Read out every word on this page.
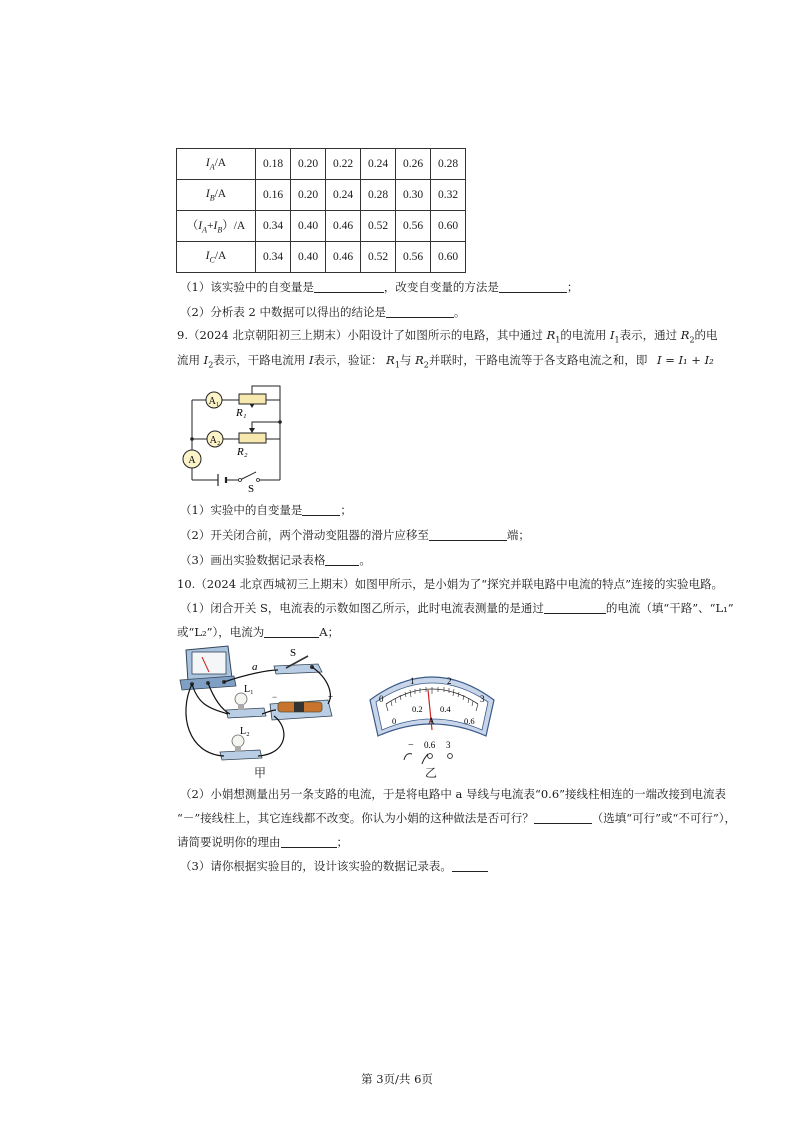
$I_A/A$	0.18	0.20	0.22	0.24	0.26	0.28
$I_B/A$	0.16	0.20	0.24	0.28	0.30	0.32
$(I_A+I_B)/A$	0.34	0.40	0.46	0.52	0.56	0.60
$I_C/A$	0.34	0.40	0.46	0.52	0.56	0.60
（1）该实验中的自变量是	，改变自变量的方法是	；
（2）分析表 2 中数据可以得出的结论是	。
9.（2024 北京朝阳初三上期末）小阳设计了如图所示的电路，其中通过 $R_1$的电流用 $I_1$表示，通过 $R_2$的电
流用 $I_2$表示，干路电流用 I表示，验证： $R_1$与 $R_2$并联时，干路电流等于各支路电流之和，即 I = I₁ + I₂
A₁
A₂
A
R₁
R₂
S
（1）实验中的自变量是	；
（2）开关闭合前，两个滑动变阻器的滑片应移至	端；
（3）画出实验数据记录表格	。
10.（2024 北京西城初三上期末）如图甲所示，是小娟为了“探究并联电路中电流的特点”连接的实验电路。
（1）闭合开关 S，电流表的示数如图乙所示，此时电流表测量的是通过	的电流（填“干路”、“L₁”
或“L₂”），电流为	A；
a
S
L₁
L₂
−	+
甲
0
1	2
3
0
0.2 0.4
0.6
A
− 0.6 3
乙
（2）小娟想测量出另一条支路的电流，于是将电路中 a 导线与电流表“0.6”接线柱相连的一端改接到电流表
“－”接线柱上，其它连线都不改变。你认为小娟的这种做法是否可行？	（选填“可行”或“不可行”），
请简要说明你的理由	；
（3）请你根据实验目的，设计该实验的数据记录表。
第 3页/共 6页
